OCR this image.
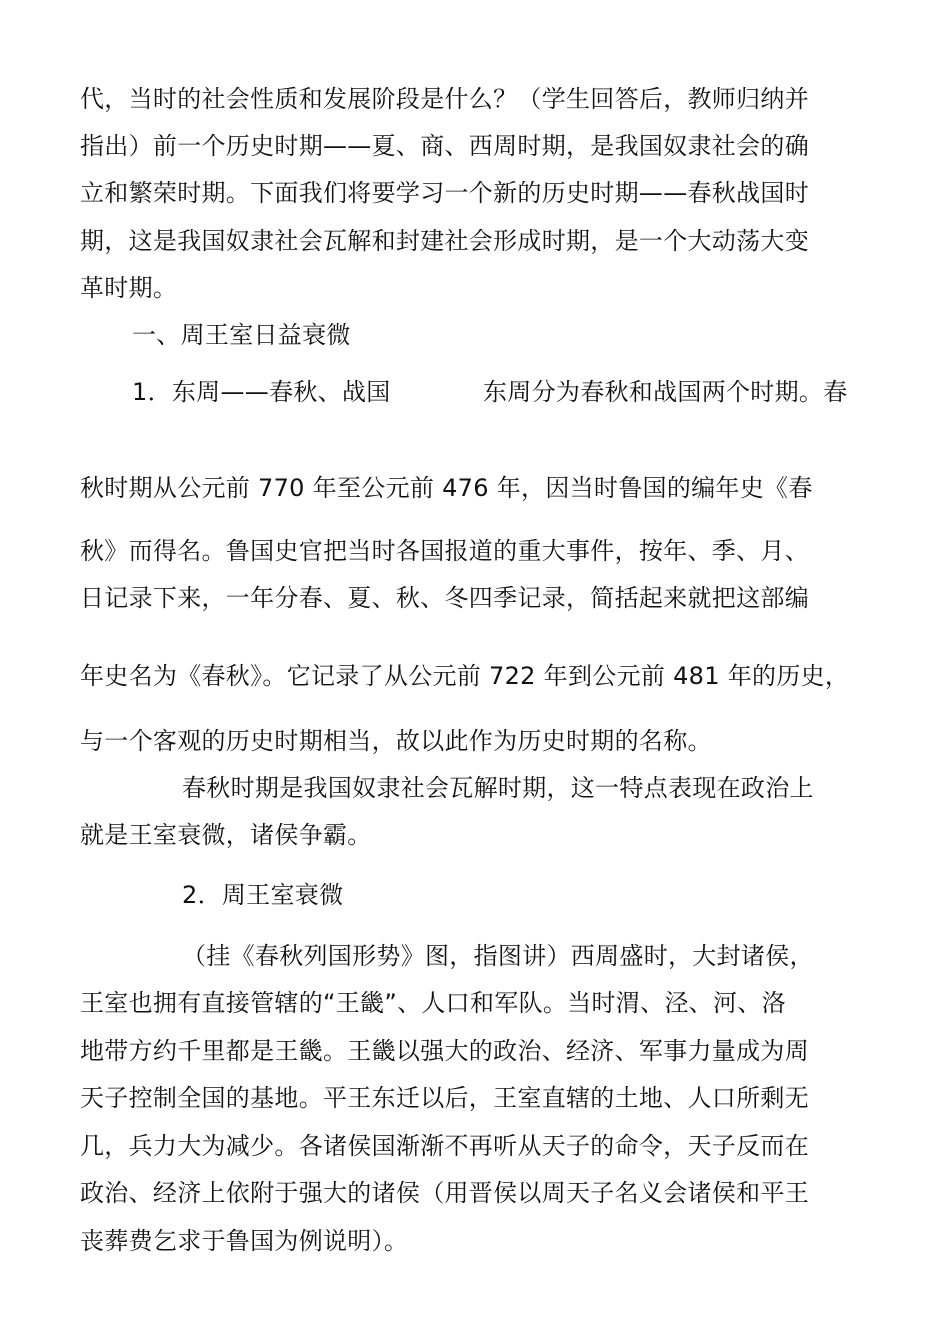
代，当时的社会性质和发展阶段是什么？（学生回答后，教师归纳并
指出）前一个历史时期——夏、商、西周时期，是我国奴隶社会的确
立和繁荣时期。下面我们将要学习一个新的历史时期——春秋战国时
期，这是我国奴隶社会瓦解和封建社会形成时期，是一个大动荡大变
革时期。
一、周王室日益衰微
1．东周——春秋、战国	东周分为春秋和战国两个时期。春
秋时期从公元前 770 年至公元前 476 年，因当时鲁国的编年史《春
秋》而得名。鲁国史官把当时各国报道的重大事件，按年、季、月、
日记录下来，一年分春、夏、秋、冬四季记录，简括起来就把这部编
年史名为《春秋》。它记录了从公元前 722 年到公元前 481 年的历史，
与一个客观的历史时期相当，故以此作为历史时期的名称。
春秋时期是我国奴隶社会瓦解时期，这一特点表现在政治上
就是王室衰微，诸侯争霸。
2．周王室衰微
（挂《春秋列国形势》图，指图讲）西周盛时，大封诸侯，
王室也拥有直接管辖的“王畿”、人口和军队。当时渭、泾、河、洛
地带方约千里都是王畿。王畿以强大的政治、经济、军事力量成为周
天子控制全国的基地。平王东迁以后，王室直辖的土地、人口所剩无
几，兵力大为减少。各诸侯国渐渐不再听从天子的命令，天子反而在
政治、经济上依附于强大的诸侯（用晋侯以周天子名义会诸侯和平王
丧葬费乞求于鲁国为例说明）。
